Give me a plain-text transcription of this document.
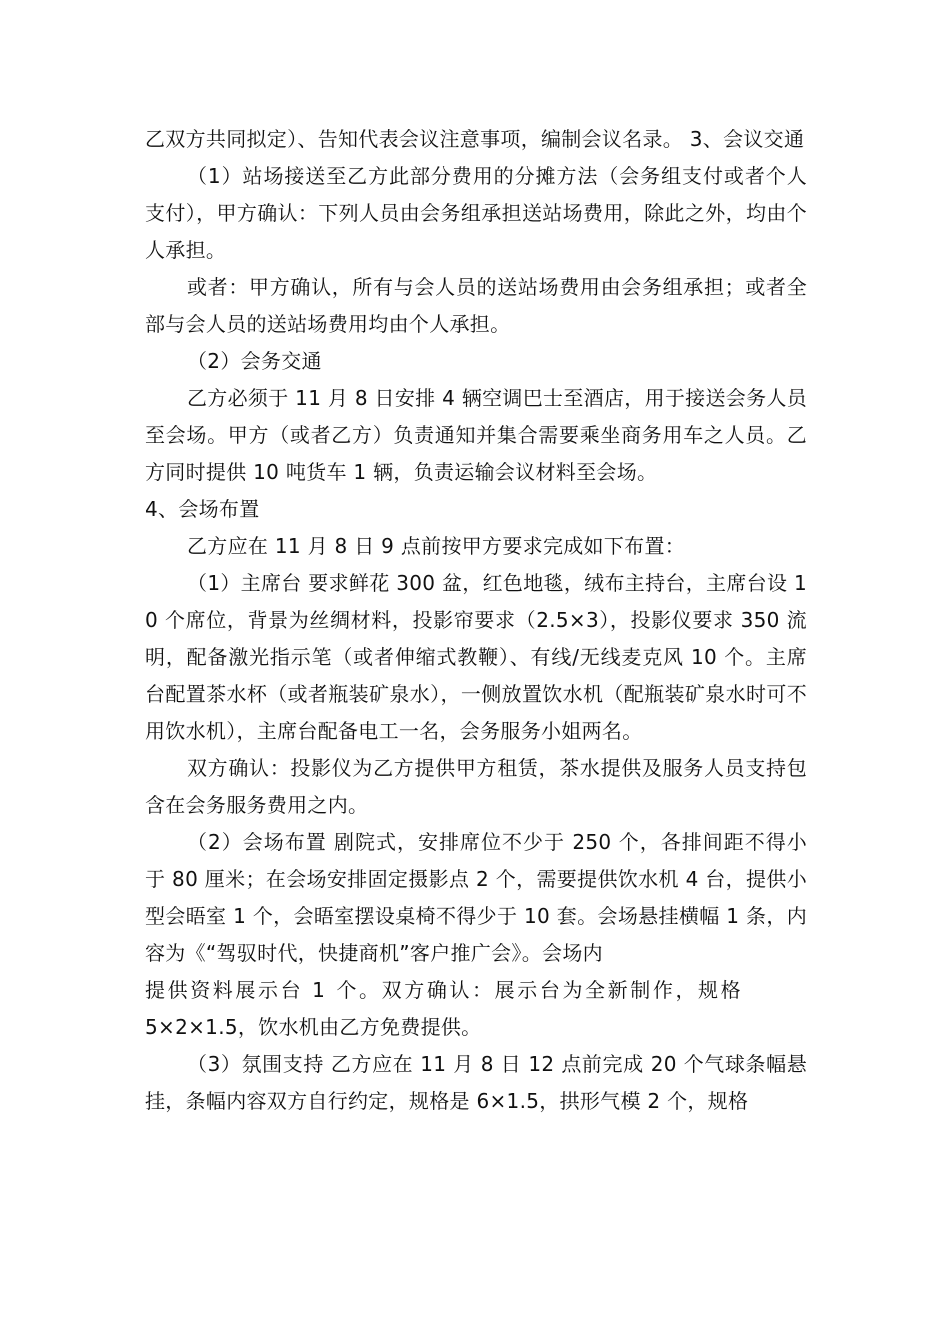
乙双方共同拟定）、告知代表会议注意事项，编制会议名录。 3、会议交通

（1）站场接送至乙方此部分费用的分摊方法（会务组支付或者个人支付），甲方确认：下列人员由会务组承担送站场费用，除此之外，均由个人承担。

或者：甲方确认，所有与会人员的送站场费用由会务组承担；或者全部与会人员的送站场费用均由个人承担。

（2）会务交通

乙方必须于 11 月 8 日安排 4 辆空调巴士至酒店，用于接送会务人员至会场。甲方（或者乙方）负责通知并集合需要乘坐商务用车之人员。乙方同时提供 10 吨货车 1 辆，负责运输会议材料至会场。

4、会场布置

乙方应在 11 月 8 日 9 点前按甲方要求完成如下布置：

（1）主席台 要求鲜花 300 盆，红色地毯，绒布主持台，主席台设 10 个席位，背景为丝绸材料，投影帘要求（2.5×3），投影仪要求 350 流明，配备激光指示笔（或者伸缩式教鞭）、有线/无线麦克风 10 个。主席台配置茶水杯（或者瓶装矿泉水），一侧放置饮水机（配瓶装矿泉水时可不用饮水机），主席台配备电工一名，会务服务小姐两名。

双方确认：投影仪为乙方提供甲方租赁，茶水提供及服务人员支持包含在会务服务费用之内。

（2）会场布置 剧院式，安排席位不少于 250 个，各排间距不得小于 80 厘米；在会场安排固定摄影点 2 个，需要提供饮水机 4 台，提供小型会晤室 1 个，会晤室摆设桌椅不得少于 10 套。会场悬挂横幅 1 条，内容为《“驾驭时代，快捷商机”客户推广会》。会场内

提供资料展示台 1 个。双方确认：展示台为全新制作，规格

5×2×1.5，饮水机由乙方免费提供。

（3）氛围支持 乙方应在 11 月 8 日 12 点前完成 20 个气球条幅悬挂，条幅内容双方自行约定，规格是 6×1.5，拱形气模 2 个，规格
